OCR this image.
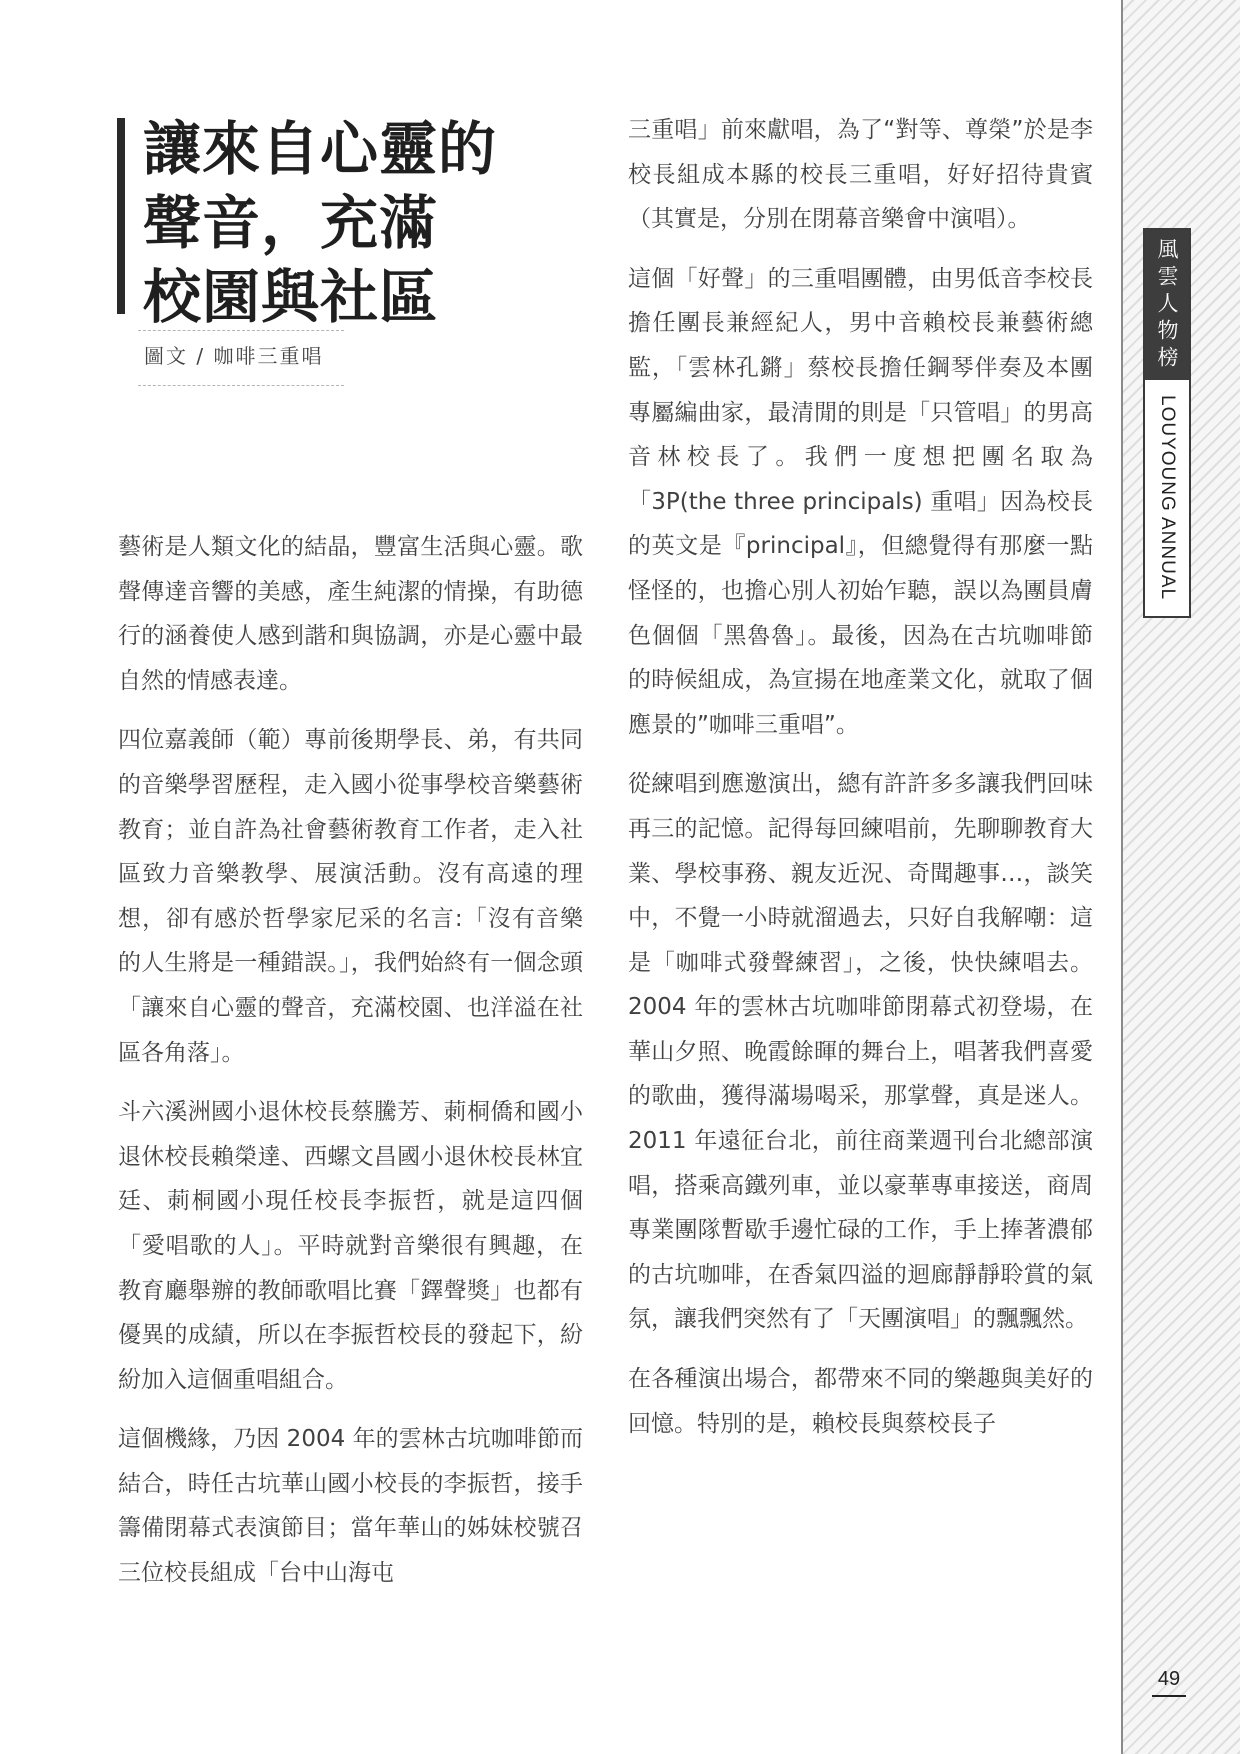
風雲人物榜
LOUYOUNG ANNUAL
49
讓來自心靈的
聲音，充滿
校園與社區
圖文 / 咖啡三重唱

藝術是人類文化的結晶，豐富生活與心靈。歌聲傳達音響的美感，產生純潔的情操，有助德行的涵養使人感到諧和與協調，亦是心靈中最自然的情感表達。

四位嘉義師（範）專前後期學長、弟，有共同的音樂學習歷程，走入國小從事學校音樂藝術教育；並自許為社會藝術教育工作者，走入社區致力音樂教學、展演活動。沒有高遠的理想，卻有感於哲學家尼采的名言:「沒有音樂的人生將是一種錯誤。」，我們始終有一個念頭「讓來自心靈的聲音，充滿校園、也洋溢在社區各角落」。

斗六溪洲國小退休校長蔡騰芳、莿桐僑和國小退休校長賴榮達、西螺文昌國小退休校長林宜廷、莿桐國小現任校長李振哲，就是這四個「愛唱歌的人」。平時就對音樂很有興趣，在教育廳舉辦的教師歌唱比賽「鐸聲獎」也都有優異的成績，所以在李振哲校長的發起下，紛紛加入這個重唱組合。

這個機緣，乃因 2004 年的雲林古坑咖啡節而結合，時任古坑華山國小校長的李振哲，接手籌備閉幕式表演節目；當年華山的姊妹校號召三位校長組成「台中山海屯

三重唱」前來獻唱，為了“對等、尊榮”於是李校長組成本縣的校長三重唱，好好招待貴賓（其實是，分別在閉幕音樂會中演唱）。

這個「好聲」的三重唱團體，由男低音李校長擔任團長兼經紀人，男中音賴校長兼藝術總監，「雲林孔鏘」蔡校長擔任鋼琴伴奏及本團專屬編曲家，最清閒的則是「只管唱」的男高音林校長了。我們一度想把團名取為「3P(the three principals) 重唱」因為校長的英文是『principal』，但總覺得有那麼一點怪怪的，也擔心別人初始乍聽，誤以為團員膚色個個「黑魯魯」。最後，因為在古坑咖啡節的時候組成，為宣揚在地產業文化，就取了個應景的”咖啡三重唱”。

從練唱到應邀演出，總有許許多多讓我們回味再三的記憶。記得每回練唱前，先聊聊教育大業、學校事務、親友近況、奇聞趣事…，談笑中，不覺一小時就溜過去，只好自我解嘲：這是「咖啡式發聲練習」，之後，快快練唱去。2004 年的雲林古坑咖啡節閉幕式初登場，在華山夕照、晚霞餘暉的舞台上，唱著我們喜愛的歌曲，獲得滿場喝采，那掌聲，真是迷人。2011 年遠征台北，前往商業週刊台北總部演唱，搭乘高鐵列車，並以豪華專車接送，商周專業團隊暫歇手邊忙碌的工作，手上捧著濃郁的古坑咖啡，在香氣四溢的迴廊靜靜聆賞的氣氛，讓我們突然有了「天團演唱」的飄飄然。

在各種演出場合，都帶來不同的樂趣與美好的回憶。特別的是，賴校長與蔡校長子
